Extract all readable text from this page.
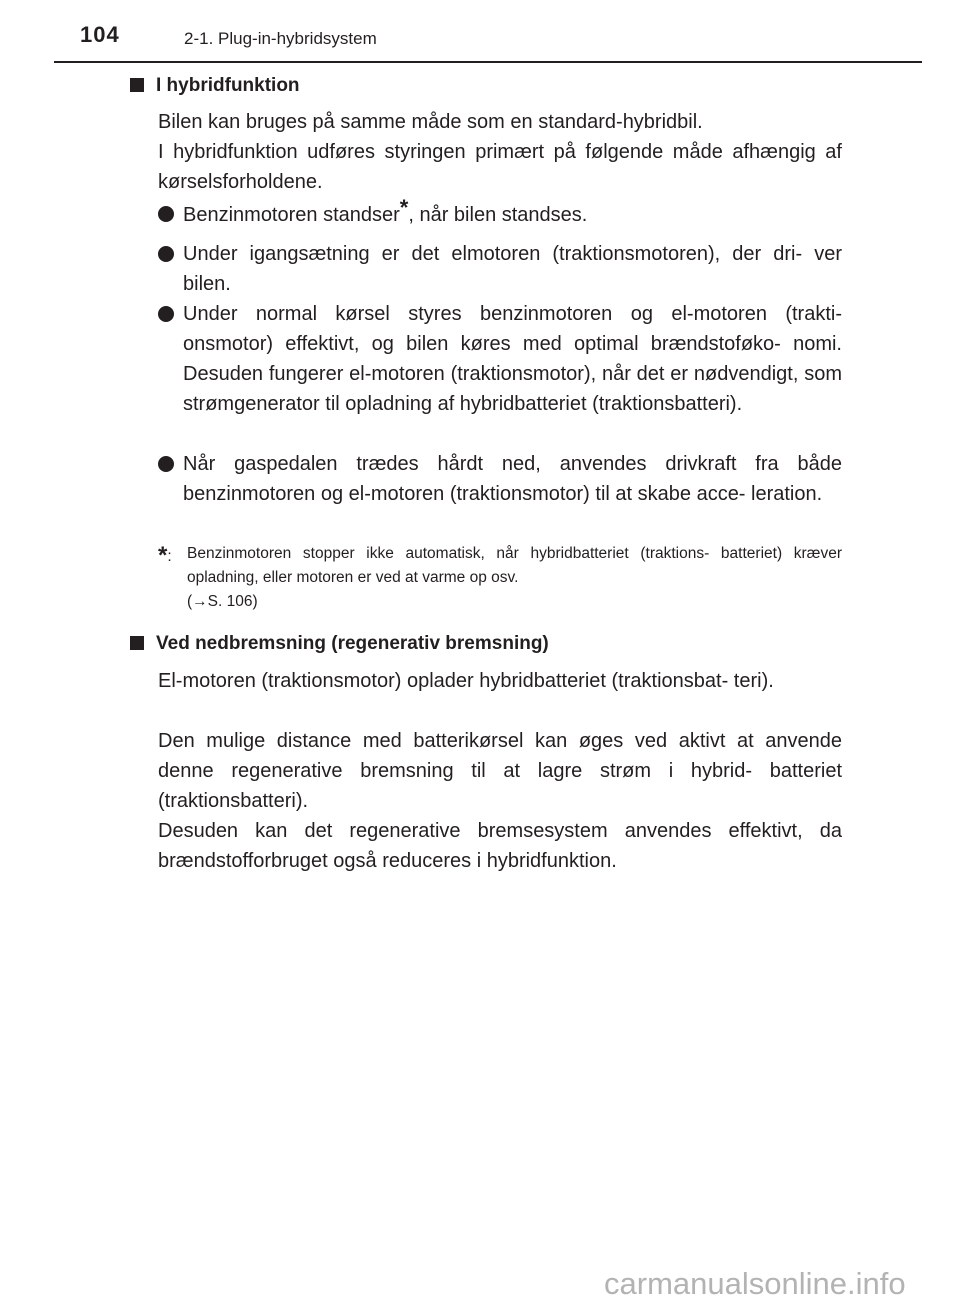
104	2-1. Plug-in-hybridsystem
I hybridfunktion

Bilen kan bruges på samme måde som en standard-hybridbil.

I hybridfunktion udføres styringen primært på følgende måde afhængig af kørselsforholdene.

Benzinmotoren standser*, når bilen standses.

Under igangsætning er det elmotoren (traktionsmotoren), der dri- ver bilen.

Under normal kørsel styres benzinmotoren og el-motoren (trakti- onsmotor) effektivt, og bilen køres med optimal brændstoføko- nomi. Desuden fungerer el-motoren (traktionsmotor), når det er nødvendigt, som strømgenerator til opladning af hybridbatteriet (traktionsbatteri).

Når gaspedalen trædes hårdt ned, anvendes drivkraft fra både benzinmotoren og el-motoren (traktionsmotor) til at skabe acce- leration.

*: Benzinmotoren stopper ikke automatisk, når hybridbatteriet (traktions- batteriet) kræver opladning, eller motoren er ved at varme op osv.
(→S. 106)
Ved nedbremsning (regenerativ bremsning)

El-motoren (traktionsmotor) oplader hybridbatteriet (traktionsbat- teri).

Den mulige distance med batterikørsel kan øges ved aktivt at anvende denne regenerative bremsning til at lagre strøm i hybrid- batteriet (traktionsbatteri).

Desuden kan det regenerative bremsesystem anvendes effektivt, da brændstofforbruget også reduceres i hybridfunktion.

carmanualsonline.info
